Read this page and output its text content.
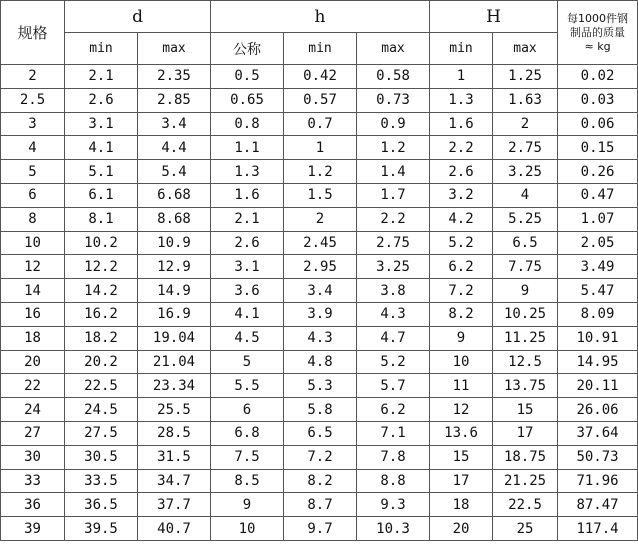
规格	d		h			H		每1000件钢
制品的质量
≈ kg

	min	max	公称	min	max	min	max	
2	2.1	2.35	0.5	0.42	0.58	1	1.25	0.02
2.5	2.6	2.85	0.65	0.57	0.73	1.3	1.63	0.03
3	3.1	3.4	0.8	0.7	0.9	1.6	2	0.06
4	4.1	4.4	1.1	1	1.2	2.2	2.75	0.15
5	5.1	5.4	1.3	1.2	1.4	2.6	3.25	0.26
6	6.1	6.68	1.6	1.5	1.7	3.2	4	0.47
8	8.1	8.68	2.1	2	2.2	4.2	5.25	1.07
10	10.2	10.9	2.6	2.45	2.75	5.2	6.5	2.05
12	12.2	12.9	3.1	2.95	3.25	6.2	7.75	3.49
14	14.2	14.9	3.6	3.4	3.8	7.2	9	5.47
16	16.2	16.9	4.1	3.9	4.3	8.2	10.25	8.09
18	18.2	19.04	4.5	4.3	4.7	9	11.25	10.91
20	20.2	21.04	5	4.8	5.2	10	12.5	14.95
22	22.5	23.34	5.5	5.3	5.7	11	13.75	20.11
24	24.5	25.5	6	5.8	6.2	12	15	26.06
27	27.5	28.5	6.8	6.5	7.1	13.6	17	37.64
30	30.5	31.5	7.5	7.2	7.8	15	18.75	50.73
33	33.5	34.7	8.5	8.2	8.8	17	21.25	71.96
36	36.5	37.7	9	8.7	9.3	18	22.5	87.47
39	39.5	40.7	10	9.7	10.3	20	25	117.4
